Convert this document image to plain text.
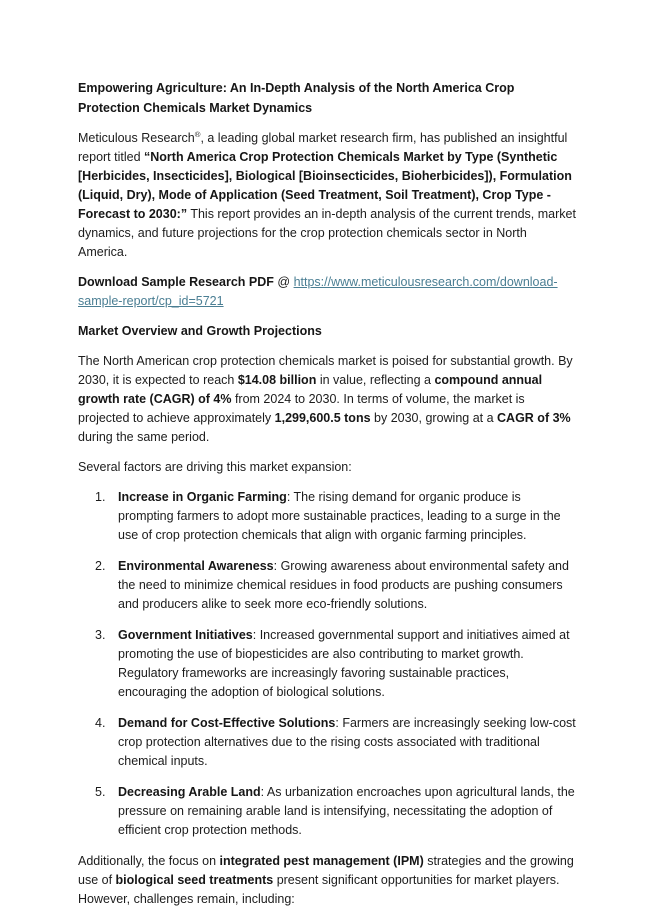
Empowering Agriculture: An In-Depth Analysis of the North America Crop Protection Chemicals Market Dynamics

Meticulous Research®, a leading global market research firm, has published an insightful report titled “North America Crop Protection Chemicals Market by Type (Synthetic [Herbicides, Insecticides], Biological [Bioinsecticides, Bioherbicides]), Formulation (Liquid, Dry), Mode of Application (Seed Treatment, Soil Treatment), Crop Type - Forecast to 2030:” This report provides an in-depth analysis of the current trends, market dynamics, and future projections for the crop protection chemicals sector in North America.

Download Sample Research PDF @ https://www.meticulousresearch.com/download-sample-report/cp_id=5721

Market Overview and Growth Projections

The North American crop protection chemicals market is poised for substantial growth. By 2030, it is expected to reach $14.08 billion in value, reflecting a compound annual growth rate (CAGR) of 4% from 2024 to 2030. In terms of volume, the market is projected to achieve approximately 1,299,600.5 tons by 2030, growing at a CAGR of 3% during the same period.

Several factors are driving this market expansion:

1.	Increase in Organic Farming: The rising demand for organic produce is prompting farmers to adopt more sustainable practices, leading to a surge in the use of crop protection chemicals that align with organic farming principles.
2.	Environmental Awareness: Growing awareness about environmental safety and the need to minimize chemical residues in food products are pushing consumers and producers alike to seek more eco-friendly solutions.
3.	Government Initiatives: Increased governmental support and initiatives aimed at promoting the use of biopesticides are also contributing to market growth. Regulatory frameworks are increasingly favoring sustainable practices, encouraging the adoption of biological solutions.
4.	Demand for Cost-Effective Solutions: Farmers are increasingly seeking low-cost crop protection alternatives due to the rising costs associated with traditional chemical inputs.
5.	Decreasing Arable Land: As urbanization encroaches upon agricultural lands, the pressure on remaining arable land is intensifying, necessitating the adoption of efficient crop protection methods.

Additionally, the focus on integrated pest management (IPM) strategies and the growing use of biological seed treatments present significant opportunities for market players. However, challenges remain, including:
